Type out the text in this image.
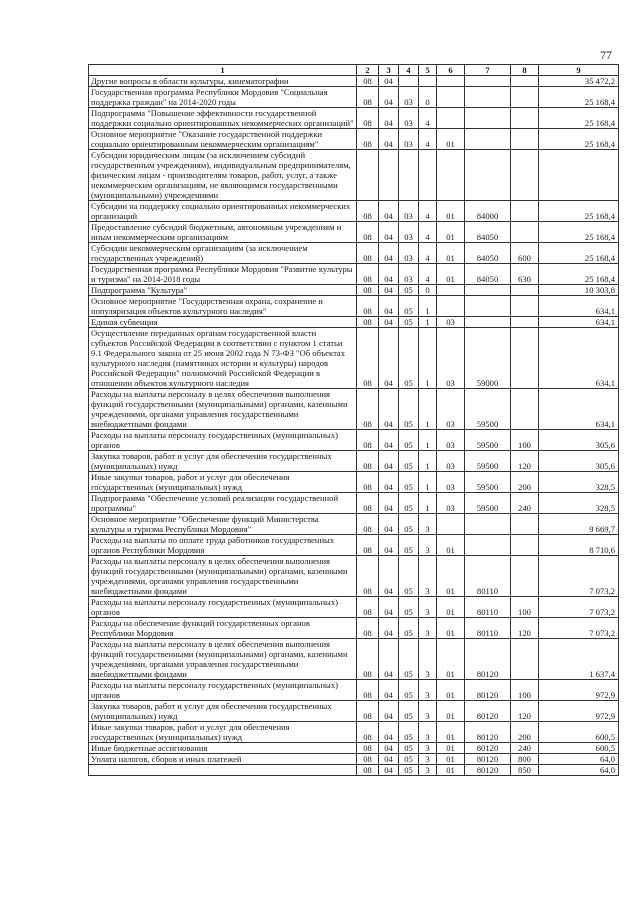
77
1	2	3	4	5	6	7	8	9
Другие вопросы в области культуры, кинематографии	08	04						35 472,2
Государственная программа Республики Мордовия "Социальная поддержка граждан" на 2014-2020 годы	08	04	03	0				25 168,4
Подпрограмма "Повышение эффективности государственной поддержки социально ориентированных некоммерческих организаций"	08	04	03	4				25 168,4
Основное мероприятие "Оказание государственной поддержки социально ориентированным некоммерческим организациям"	08	04	03	4	01			25 168,4
Субсидии юридическим лицам (за исключением субсидий государственным учреждениям), индивидуальным предпринимателям, физическим лицам - производителям товаров, работ, услуг, а также некоммерческим организациям, не являющимся государственными (муниципальными) учреждениями								
Субсидии на поддержку социально ориентированных некоммерческих организаций	08	04	03	4	01	84000		25 168,4
Предоставление субсидий бюджетным, автономным учреждениям и иным некоммерческим организациям	08	04	03	4	01	84050		25 168,4
Субсидии некоммерческим организациям (за исключением государственных учреждений)	08	04	03	4	01	84050	600	25 168,4
Государственная программа Республики Мордовия "Развитие культуры и туризма" на 2014-2018 годы	08	04	03	4	01	84050	630	25 168,4
Подпрограмма "Культура"	08	04	05	0				10 303,8
Основное мероприятие "Государственная охрана, сохранение и популяризация объектов культурного наследия"	08	04	05	1				634,1
Единая субвенция	08	04	05	1	03			634,1
Осуществление переданных органам государственной власти субъектов Российской Федерации в соответствии с пунктом 1 статьи 9.1 Федерального закона от 25 июня 2002 года N 73-ФЗ "Об объектах культурного наследия (памятниках истории и культуры) народов Российской Федерации" полномочий Российской Федерации в отношении объектов культурного наследия	08	04	05	1	03	59000		634,1
Расходы на выплаты персоналу в целях обеспечения выполнения функций государственными (муниципальными) органами, казенными учреждениями, органами управления государственными внебюджетными фондами	08	04	05	1	03	59500		634,1
Расходы на выплаты персоналу государственных (муниципальных) органов	08	04	05	1	03	59500	100	305,6
Закупка товаров, работ и услуг для обеспечения государственных (муниципальных) нужд	08	04	05	1	03	59500	120	305,6
Иные закупки товаров, работ и услуг для обеспечения государственных (муниципальных) нужд	08	04	05	1	03	59500	200	328,5
Подпрограмма "Обеспечение условий реализации государственной программы"	08	04	05	1	03	59500	240	328,5
Основное мероприятие "Обеспечение функций Министерства культуры и туризма Республики Мордовия"	08	04	05	3				9 669,7
Расходы на выплаты по оплате труда работников государственных органов Республики Мордовия	08	04	05	3	01			8 710,6
Расходы на выплаты персоналу в целях обеспечения выполнения функций государственными (муниципальными) органами, казенными учреждениями, органами управления государственными внебюджетными фондами	08	04	05	3	01	80110		7 073,2
Расходы на выплаты персоналу государственных (муниципальных) органов	08	04	05	3	01	80110	100	7 073,2
Расходы на обеспечение функций государственных органов Республики Мордовия	08	04	05	3	01	80110	120	7 073,2
Расходы на выплаты персоналу в целях обеспечения выполнения функций государственными (муниципальными) органами, казенными учреждениями, органами управления государственными внебюджетными фондами	08	04	05	3	01	80120		1 637,4
Расходы на выплаты персоналу государственных (муниципальных) органов	08	04	05	3	01	80120	100	972,9
Закупка товаров, работ и услуг для обеспечения государственных (муниципальных) нужд	08	04	05	3	01	80120	120	972,9
Иные закупки товаров, работ и услуг для обеспечения государственных (муниципальных) нужд	08	04	05	3	01	80120	200	600,5
Иные бюджетные ассигнования	08	04	05	3	01	80120	240	600,5
Уплата налогов, сборов и иных платежей	08	04	05	3	01	80120	800	64,0
	08	04	05	3	01	80120	850	64,0
